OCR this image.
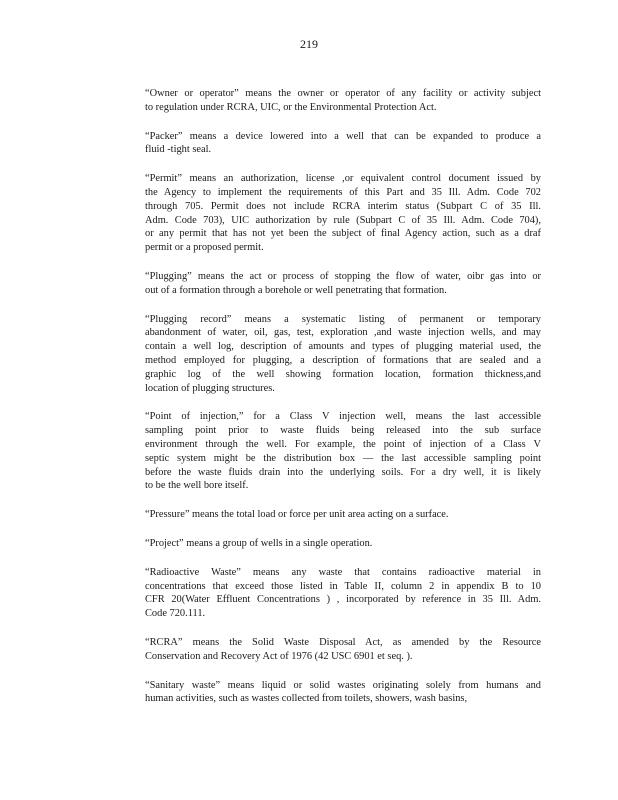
219
“Owner or operator” means the owner or operator of any facility or activity subject
to regulation under RCRA, UIC, or the Environmental Protection Act.
“Packer” means a device lowered into a well that can be expanded to produce a
fluid -tight seal.
“Permit” means an authorization, license ,or equivalent control document issued by
the Agency to implement the requirements of this Part and 35 Ill. Adm. Code 702
through 705. Permit does not include RCRA interim status (Subpart C of 35 Ill.
Adm. Code 703), UIC authorization by rule (Subpart C of 35 Ill. Adm. Code 704),
or any permit that has not yet been the subject of final Agency action, such as a draf
permit or a proposed permit.
“Plugging” means the act or process of stopping the flow of water, oibr gas into or
out of a formation through a borehole or well penetrating that formation.
“Plugging record” means a systematic listing of permanent or temporary
abandonment of water, oil, gas, test, exploration ,and waste injection wells, and may
contain a well log, description of amounts and types of plugging material used, the
method employed for plugging, a description of formations that are sealed and a
graphic log of the well showing formation location, formation thickness,and
location of plugging structures.
“Point of injection,” for a Class V injection well, means the last accessible
sampling point prior to waste fluids being released into the sub surface
environment through the well. For example, the point of injection of a Class V
septic system might be the distribution box — the last accessible sampling point
before the waste fluids drain into the underlying soils. For a dry well, it is likely
to be the well bore itself.
“Pressure” means the total load or force per unit area acting on a surface.
“Project” means a group of wells in a single operation.
“Radioactive Waste” means any waste that contains radioactive material in
concentrations that exceed those listed in Table II, column 2 in appendix B to 10
CFR 20(Water Effluent Concentrations ) , incorporated by reference in 35 Ill. Adm.
Code 720.111.
“RCRA” means the Solid Waste Disposal Act, as amended by the Resource
Conservation and Recovery Act of 1976 (42 USC 6901 et seq. ).
“Sanitary waste” means liquid or solid wastes originating solely from humans and
human activities, such as wastes collected from toilets, showers, wash basins,
